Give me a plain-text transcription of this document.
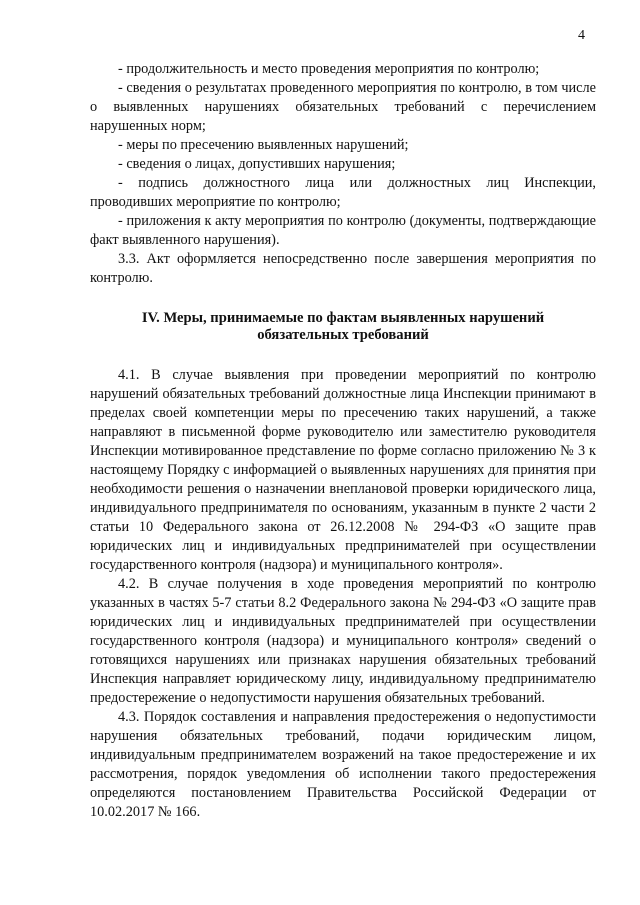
4

- продолжительность и место проведения мероприятия по контролю;

- сведения о результатах проведенного мероприятия по контролю, в том числе о выявленных нарушениях обязательных требований с перечислением нарушенных норм;

- меры по пресечению выявленных нарушений;

- сведения о лицах, допустивших нарушения;

- подпись должностного лица или должностных лиц Инспекции, проводивших мероприятие по контролю;

- приложения к акту мероприятия по контролю (документы, подтверждающие факт выявленного нарушения).

3.3. Акт оформляется непосредственно после завершения мероприятия по контролю.

IV. Меры, принимаемые по фактам выявленных нарушений
обязательных требований

4.1. В случае выявления при проведении мероприятий по контролю нарушений обязательных требований должностные лица Инспекции принимают в пределах своей компетенции меры по пресечению таких нарушений, а также направляют в письменной форме руководителю или заместителю руководителя Инспекции мотивированное представление по форме согласно приложению № 3 к настоящему Порядку с информацией о выявленных нарушениях для принятия при необходимости решения о назначении внеплановой проверки юридического лица, индивидуального предпринимателя по основаниям, указанным в пункте 2 части 2 статьи 10 Федерального закона от 26.12.2008 № 294-ФЗ «О защите прав юридических лиц и индивидуальных предпринимателей при осуществлении государственного контроля (надзора) и муниципального контроля».

4.2. В случае получения в ходе проведения мероприятий по контролю указанных в частях 5-7 статьи 8.2 Федерального закона № 294-ФЗ «О защите прав юридических лиц и индивидуальных предпринимателей при осуществлении государственного контроля (надзора) и муниципального контроля» сведений о готовящихся нарушениях или признаках нарушения обязательных требований Инспекция направляет юридическому лицу, индивидуальному предпринимателю предостережение о недопустимости нарушения обязательных требований.

4.3. Порядок составления и направления предостережения о недопустимости нарушения обязательных требований, подачи юридическим лицом, индивидуальным предпринимателем возражений на такое предостережение и их рассмотрения, порядок уведомления об исполнении такого предостережения определяются постановлением Правительства Российской Федерации от 10.02.2017 № 166.
